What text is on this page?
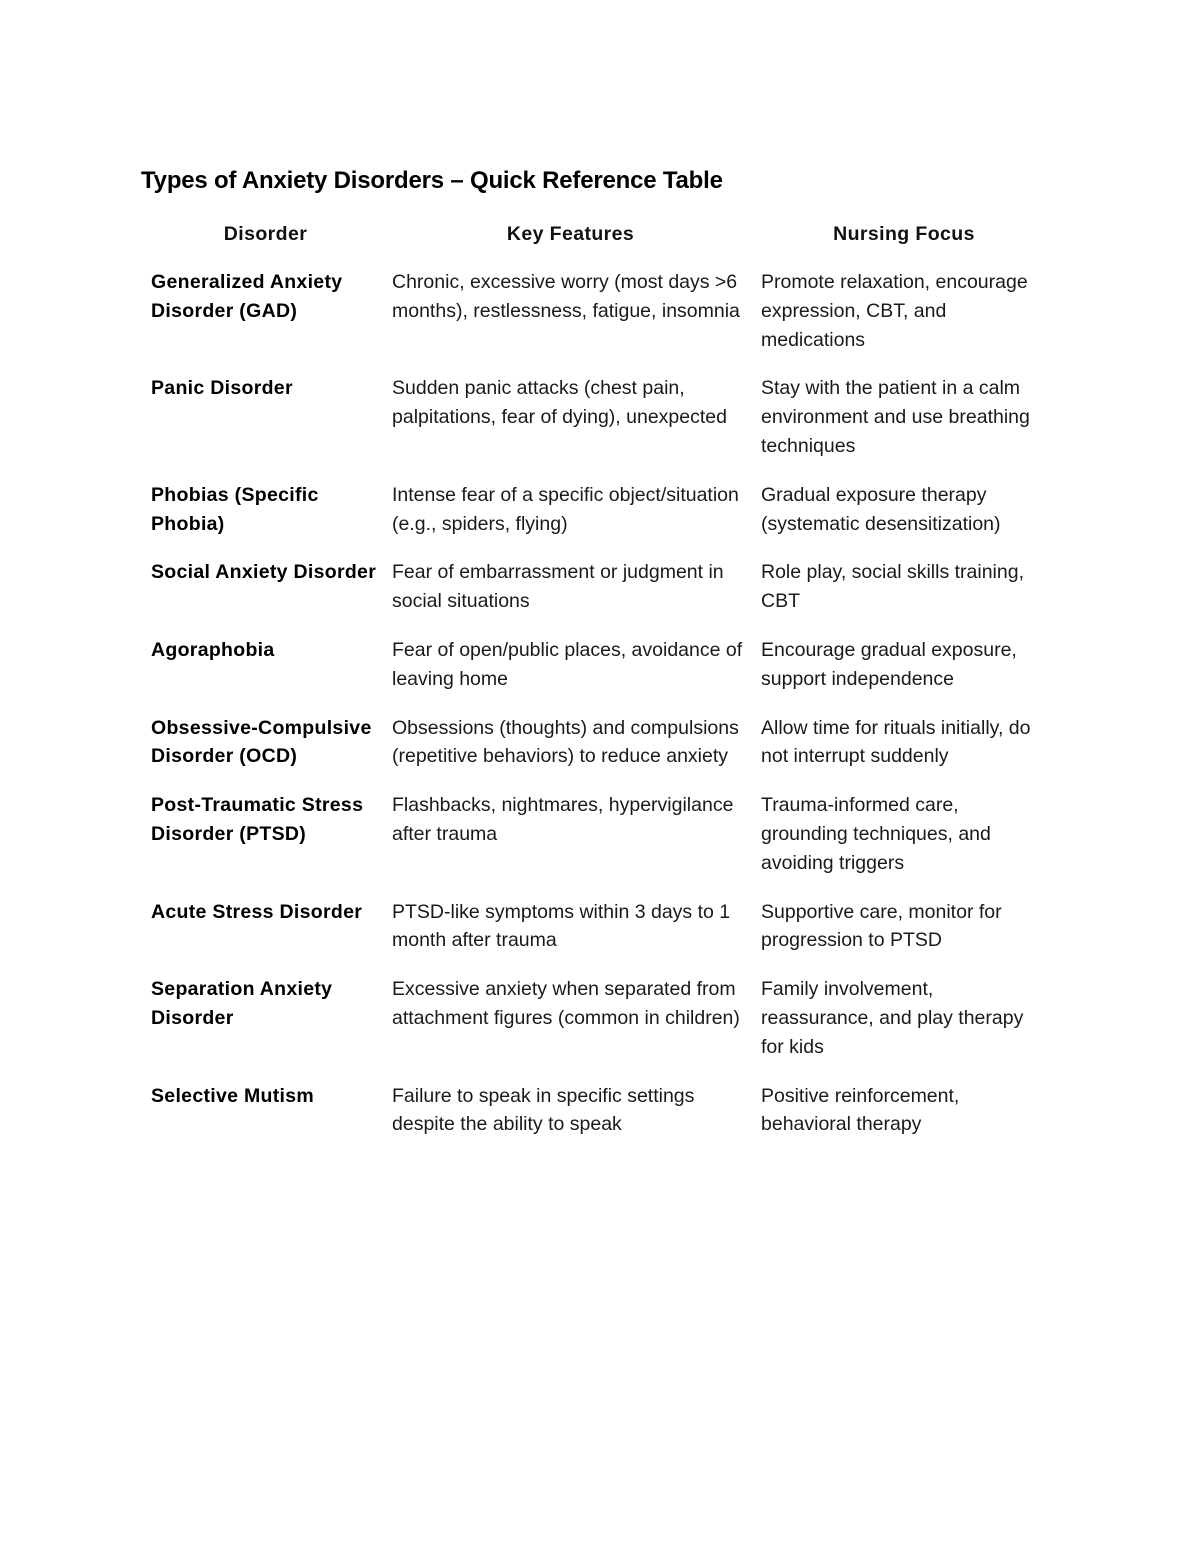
Types of Anxiety Disorders – Quick Reference Table
Disorder	Key Features	Nursing Focus
Generalized Anxiety Disorder (GAD)	Chronic, excessive worry (most days >6 months), restlessness, fatigue, insomnia	Promote relaxation, encourage expression, CBT, and medications
Panic Disorder	Sudden panic attacks (chest pain, palpitations, fear of dying), unexpected	Stay with the patient in a calm environment and use breathing techniques
Phobias (Specific Phobia)	Intense fear of a specific object/situation (e.g., spiders, flying)	Gradual exposure therapy (systematic desensitization)
Social Anxiety Disorder	Fear of embarrassment or judgment in social situations	Role play, social skills training, CBT
Agoraphobia	Fear of open/public places, avoidance of leaving home	Encourage gradual exposure, support independence
Obsessive-Compulsive Disorder (OCD)	Obsessions (thoughts) and compulsions (repetitive behaviors) to reduce anxiety	Allow time for rituals initially, do not interrupt suddenly
Post-Traumatic Stress Disorder (PTSD)	Flashbacks, nightmares, hypervigilance after trauma	Trauma-informed care, grounding techniques, and avoiding triggers
Acute Stress Disorder	PTSD-like symptoms within 3 days to 1 month after trauma	Supportive care, monitor for progression to PTSD
Separation Anxiety Disorder	Excessive anxiety when separated from attachment figures (common in children)	Family involvement, reassurance, and play therapy for kids
Selective Mutism	Failure to speak in specific settings despite the ability to speak	Positive reinforcement, behavioral therapy
